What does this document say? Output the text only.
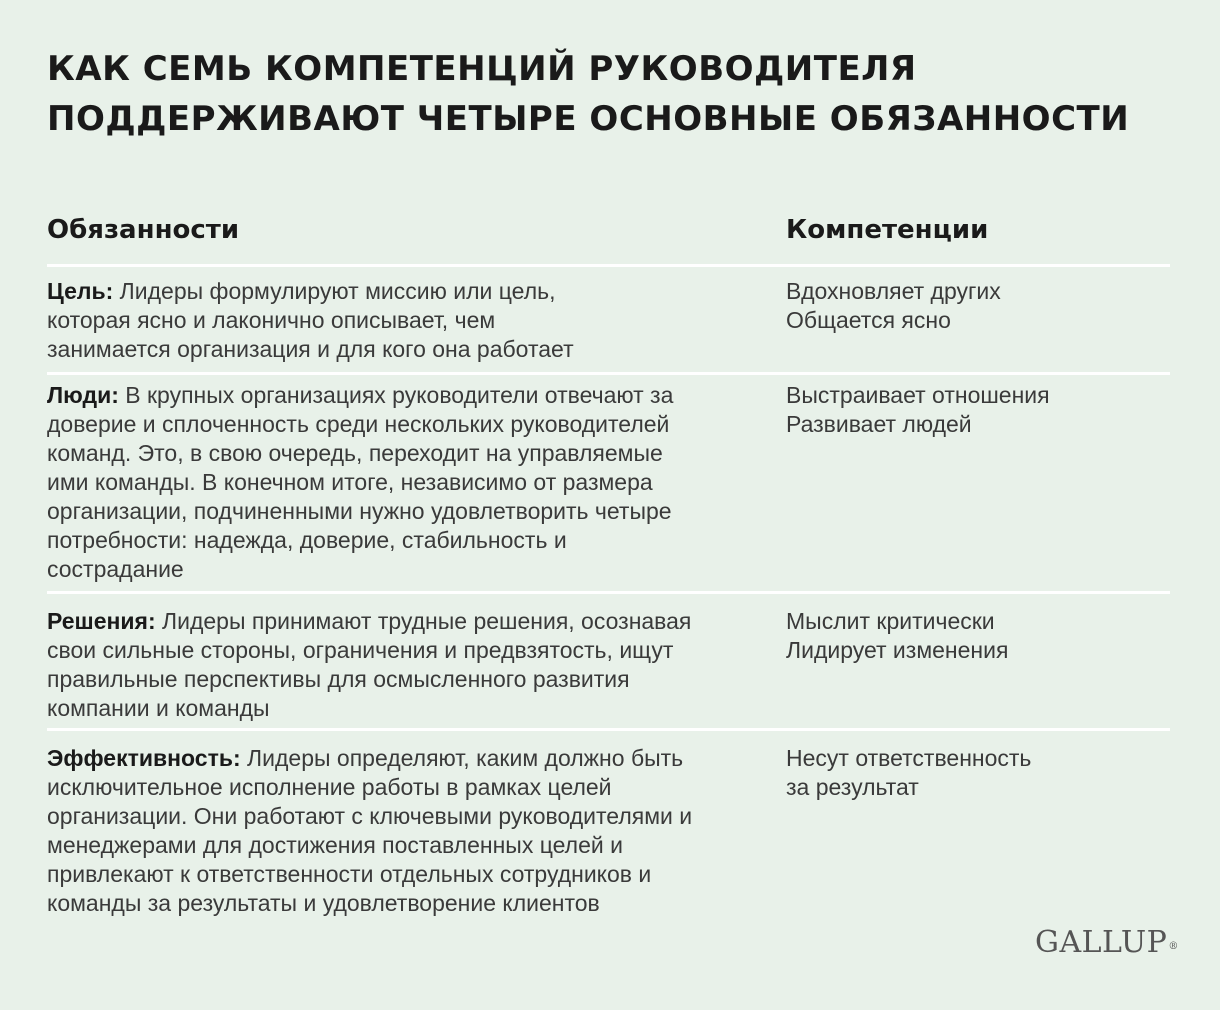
КАК СЕМЬ КОМПЕТЕНЦИЙ РУКОВОДИТЕЛЯ
ПОДДЕРЖИВАЮТ ЧЕТЫРЕ ОСНОВНЫЕ ОБЯЗАННОСТИ
Обязанности	Компетенции

Цель: Лидеры формулируют миссию или цель,
которая ясно и лаконично описывает, чем
занимается организация и для кого она работает

Вдохновляет других
Общается ясно

Люди: В крупных организациях руководители отвечают за
доверие и сплоченность среди нескольких руководителей
команд. Это, в свою очередь, переходит на управляемые
ими команды. В конечном итоге, независимо от размера
организации, подчиненными нужно удовлетворить четыре
потребности: надежда, доверие, стабильность и
сострадание

Выстраивает отношения
Развивает людей

Решения: Лидеры принимают трудные решения, осознавая
свои сильные стороны, ограничения и предвзятость, ищут
правильные перспективы для осмысленного развития
компании и команды

Мыслит критически
Лидирует изменения

Эффективность: Лидеры определяют, каким должно быть
исключительное исполнение работы в рамках целей
организации. Они работают с ключевыми руководителями и
менеджерами для достижения поставленных целей и
привлекают к ответственности отдельных сотрудников и
команды за результаты и удовлетворение клиентов

Несут ответственность
за результат
GALLUP®
